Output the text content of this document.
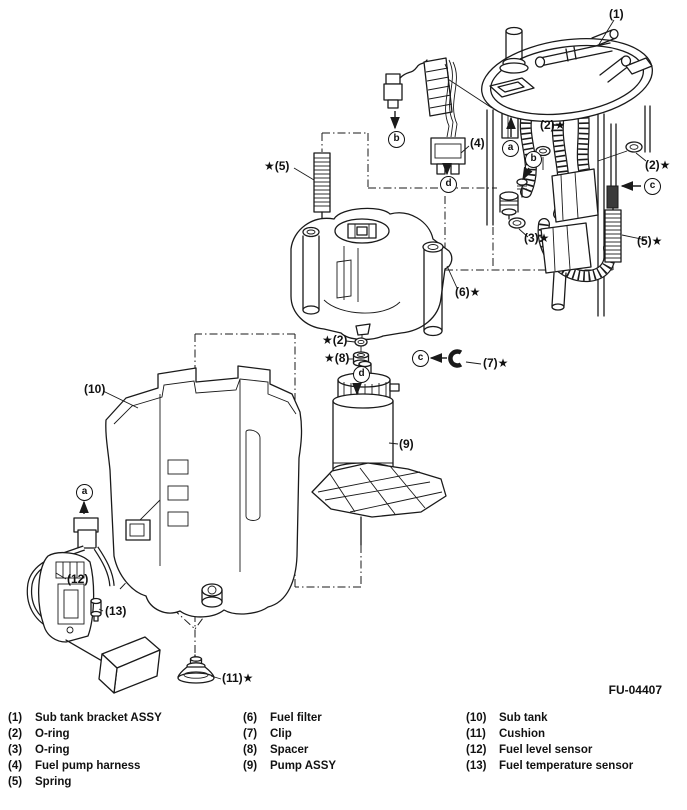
(1)
(2)★
(2)★
★(2)
(3)★
(4)
★(5)
(5)★
(6)★
(7)★
★(8)
(9)
(10)
(11)★
(12)
(13)
a
a
b
b
c
c
d
d
FU-04407
(1)	Sub tank bracket ASSY
(2)	O-ring
(3)	O-ring
(4)	Fuel pump harness
(5)	Spring
(6)	Fuel filter
(7)	Clip
(8)	Spacer
(9)	Pump ASSY
(10)	Sub tank
(11)	Cushion
(12)	Fuel level sensor
(13)	Fuel temperature sensor
